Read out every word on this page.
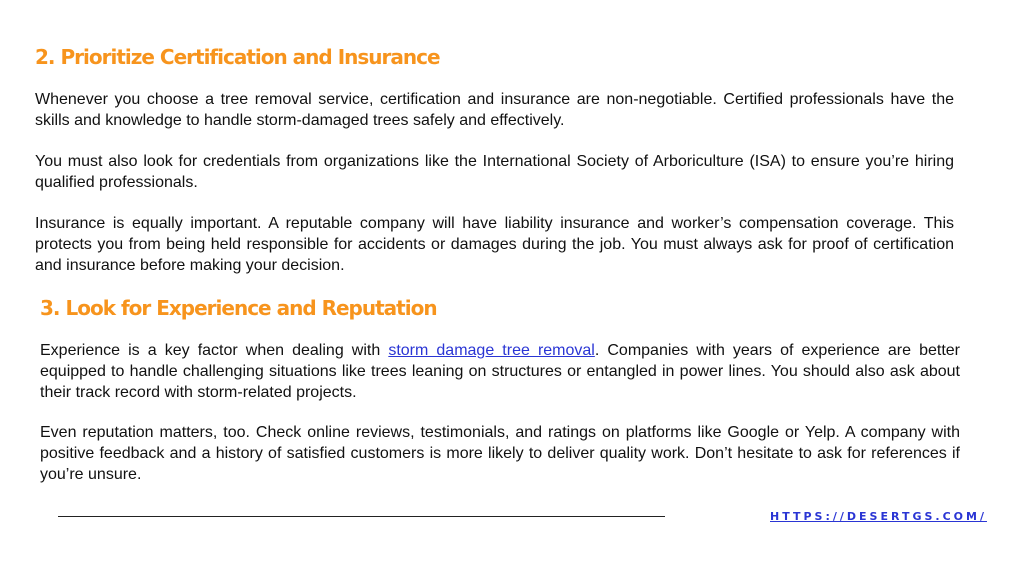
2. Prioritize Certification and Insurance

Whenever you choose a tree removal service, certification and insurance are non-negotiable. Certified professionals have the skills and knowledge to handle storm-damaged trees safely and effectively.

You must also look for credentials from organizations like the International Society of Arboriculture (ISA) to ensure you’re hiring qualified professionals.

Insurance is equally important. A reputable company will have liability insurance and worker’s compensation coverage. This protects you from being held responsible for accidents or damages during the job. You must always ask for proof of certification and insurance before making your decision.

3. Look for Experience and Reputation

Experience is a key factor when dealing with storm damage tree removal. Companies with years of experience are better equipped to handle challenging situations like trees leaning on structures or entangled in power lines. You should also ask about their track record with storm-related projects.

Even reputation matters, too. Check online reviews, testimonials, and ratings on platforms like Google or Yelp. A company with positive feedback and a history of satisfied customers is more likely to deliver quality work. Don’t hesitate to ask for references if you’re unsure.

HTTPS://DESERTGS.COM/
